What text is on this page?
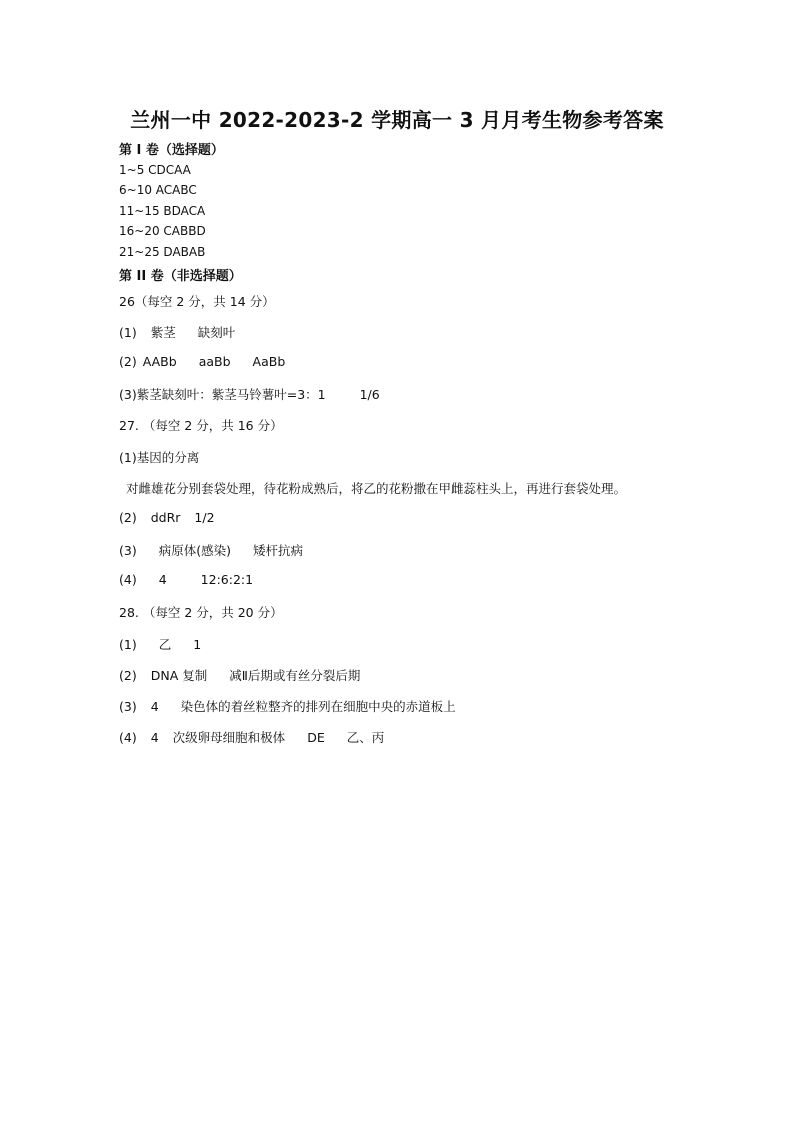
兰州一中 2022-2023-2 学期高一 3 月月考生物参考答案
第 I 卷（选择题）
1~5 CDCAA
6~10 ACABC
11~15 BDACA
16~20 CABBD
21~25 DABAB
第 II 卷（非选择题）
26（每空 2 分，共 14 分）
(1) 紫茎 缺刻叶
(2) AABb aaBb AaBb
(3)紫茎缺刻叶：紫茎马铃薯叶=3：1	1/6
27. （每空 2 分，共 16 分）
(1)基因的分离
对雌雄花分别套袋处理，待花粉成熟后，将乙的花粉撒在甲雌蕊柱头上，再进行套袋处理。
(2) ddRr 1/2
(3) 病原体(感染) 矮杆抗病
(4) 4	12:6:2:1
28. （每空 2 分，共 20 分）
(1) 乙 1
(2) DNA 复制 减Ⅱ后期或有丝分裂后期
(3) 4 染色体的着丝粒整齐的排列在细胞中央的赤道板上
(4) 4 次级卵母细胞和极体 DE 乙、丙
